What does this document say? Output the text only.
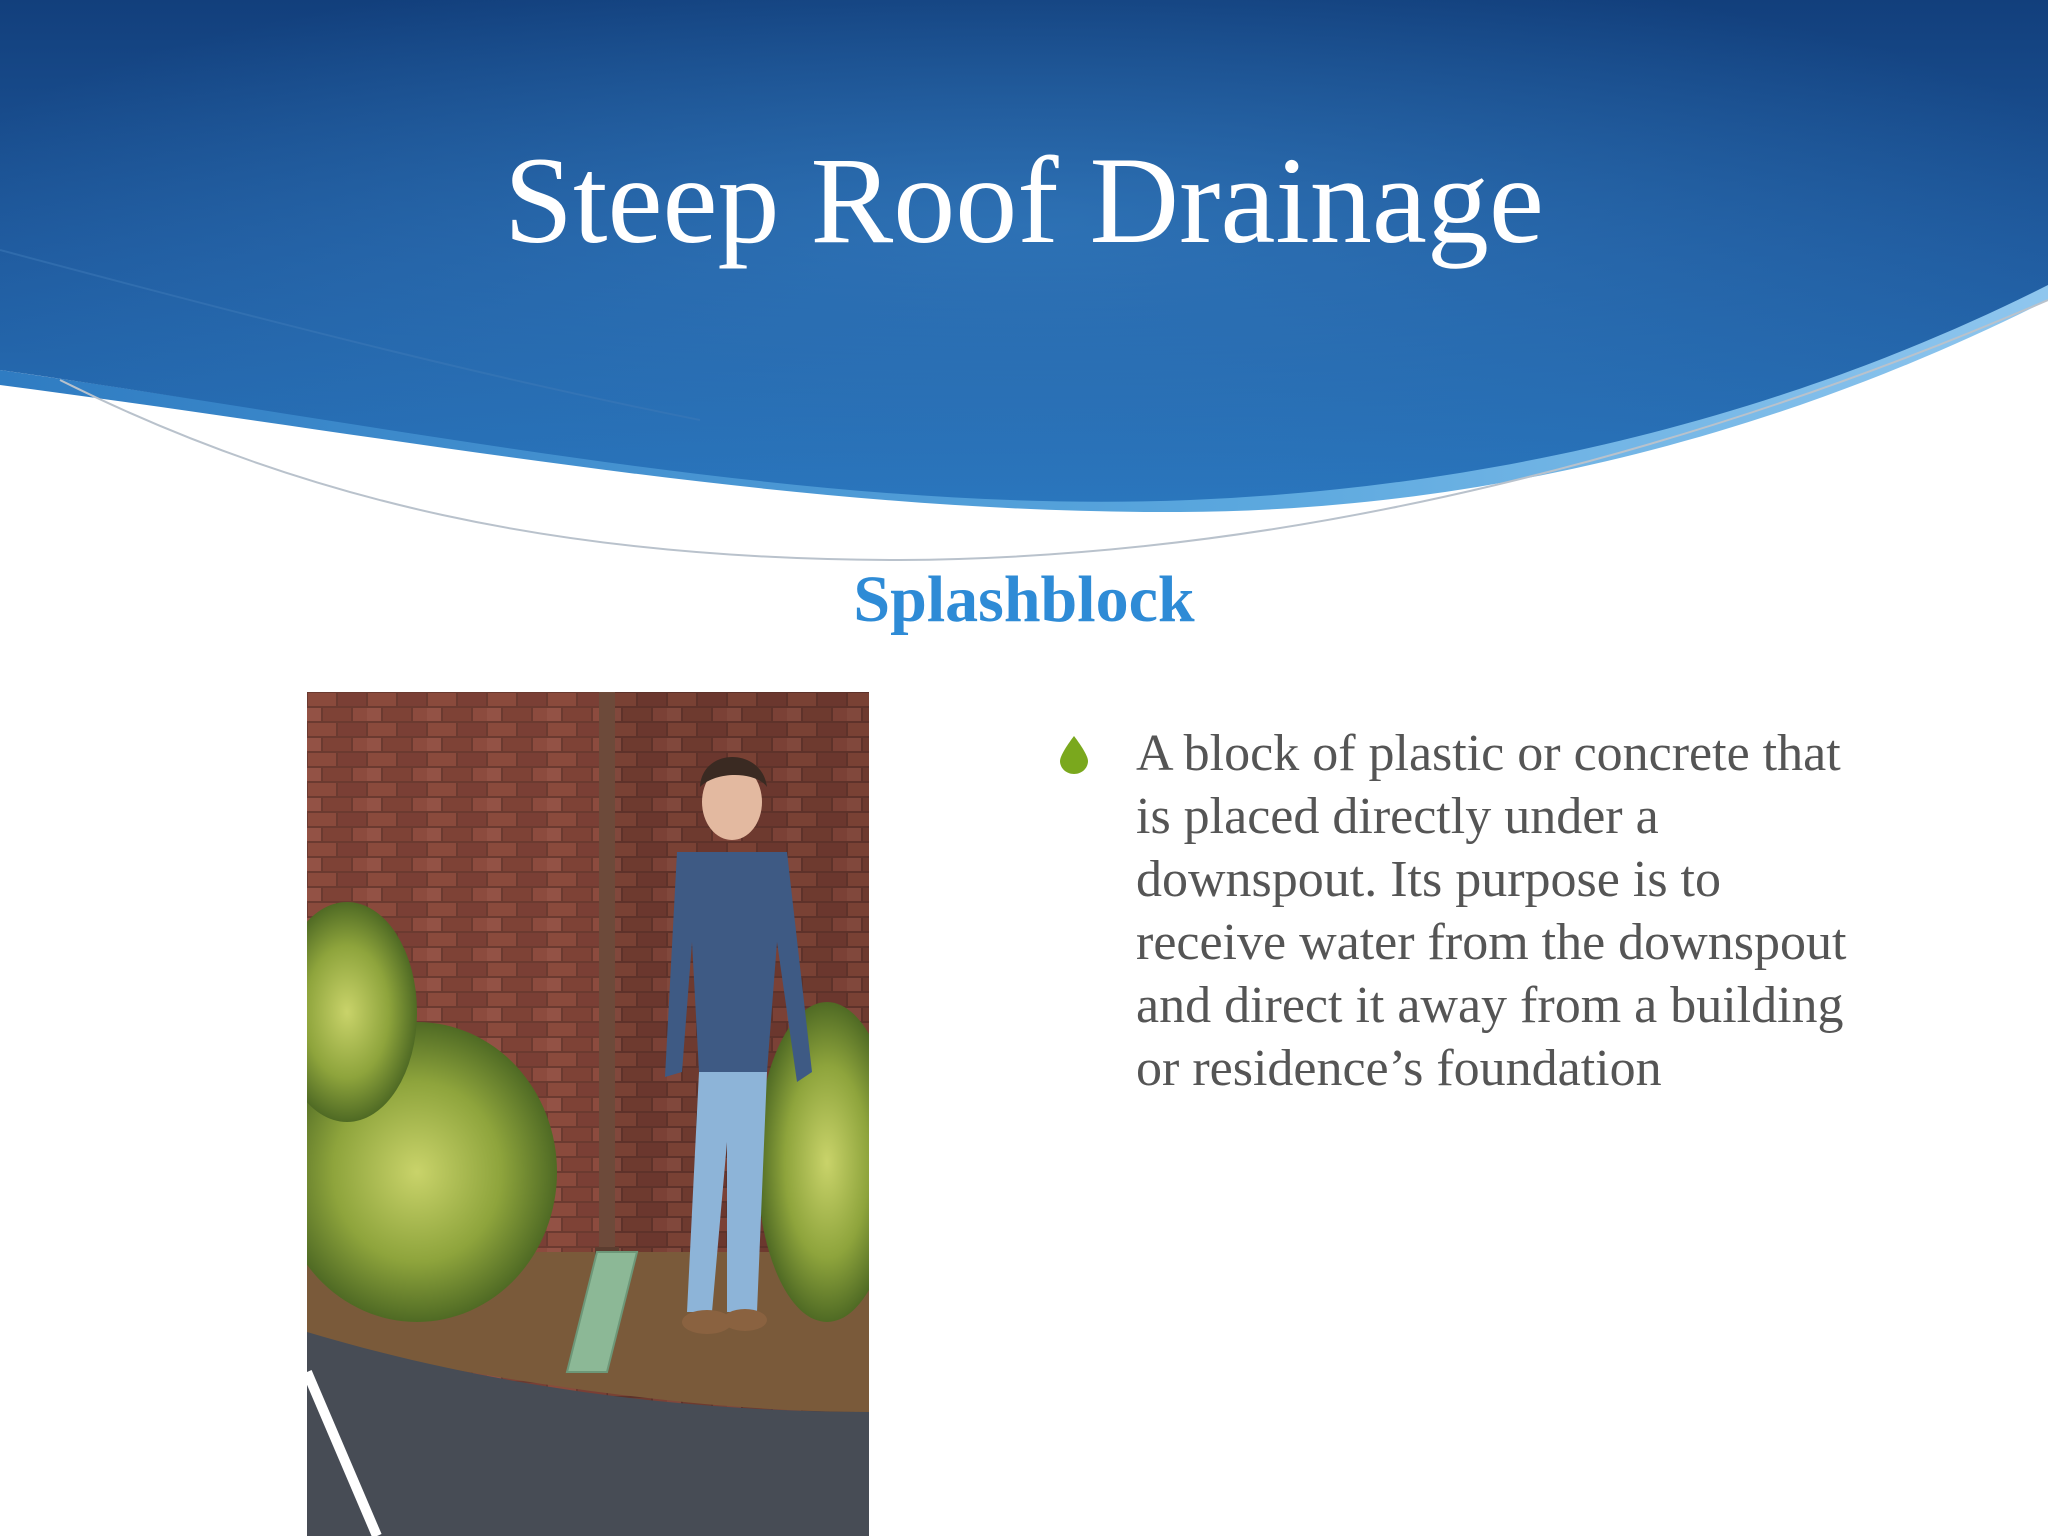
Steep Roof Drainage
Splashblock

A block of plastic or concrete that is placed directly under a downspout. Its purpose is to receive water from the downspout and direct it away from a building or residence’s foundation
